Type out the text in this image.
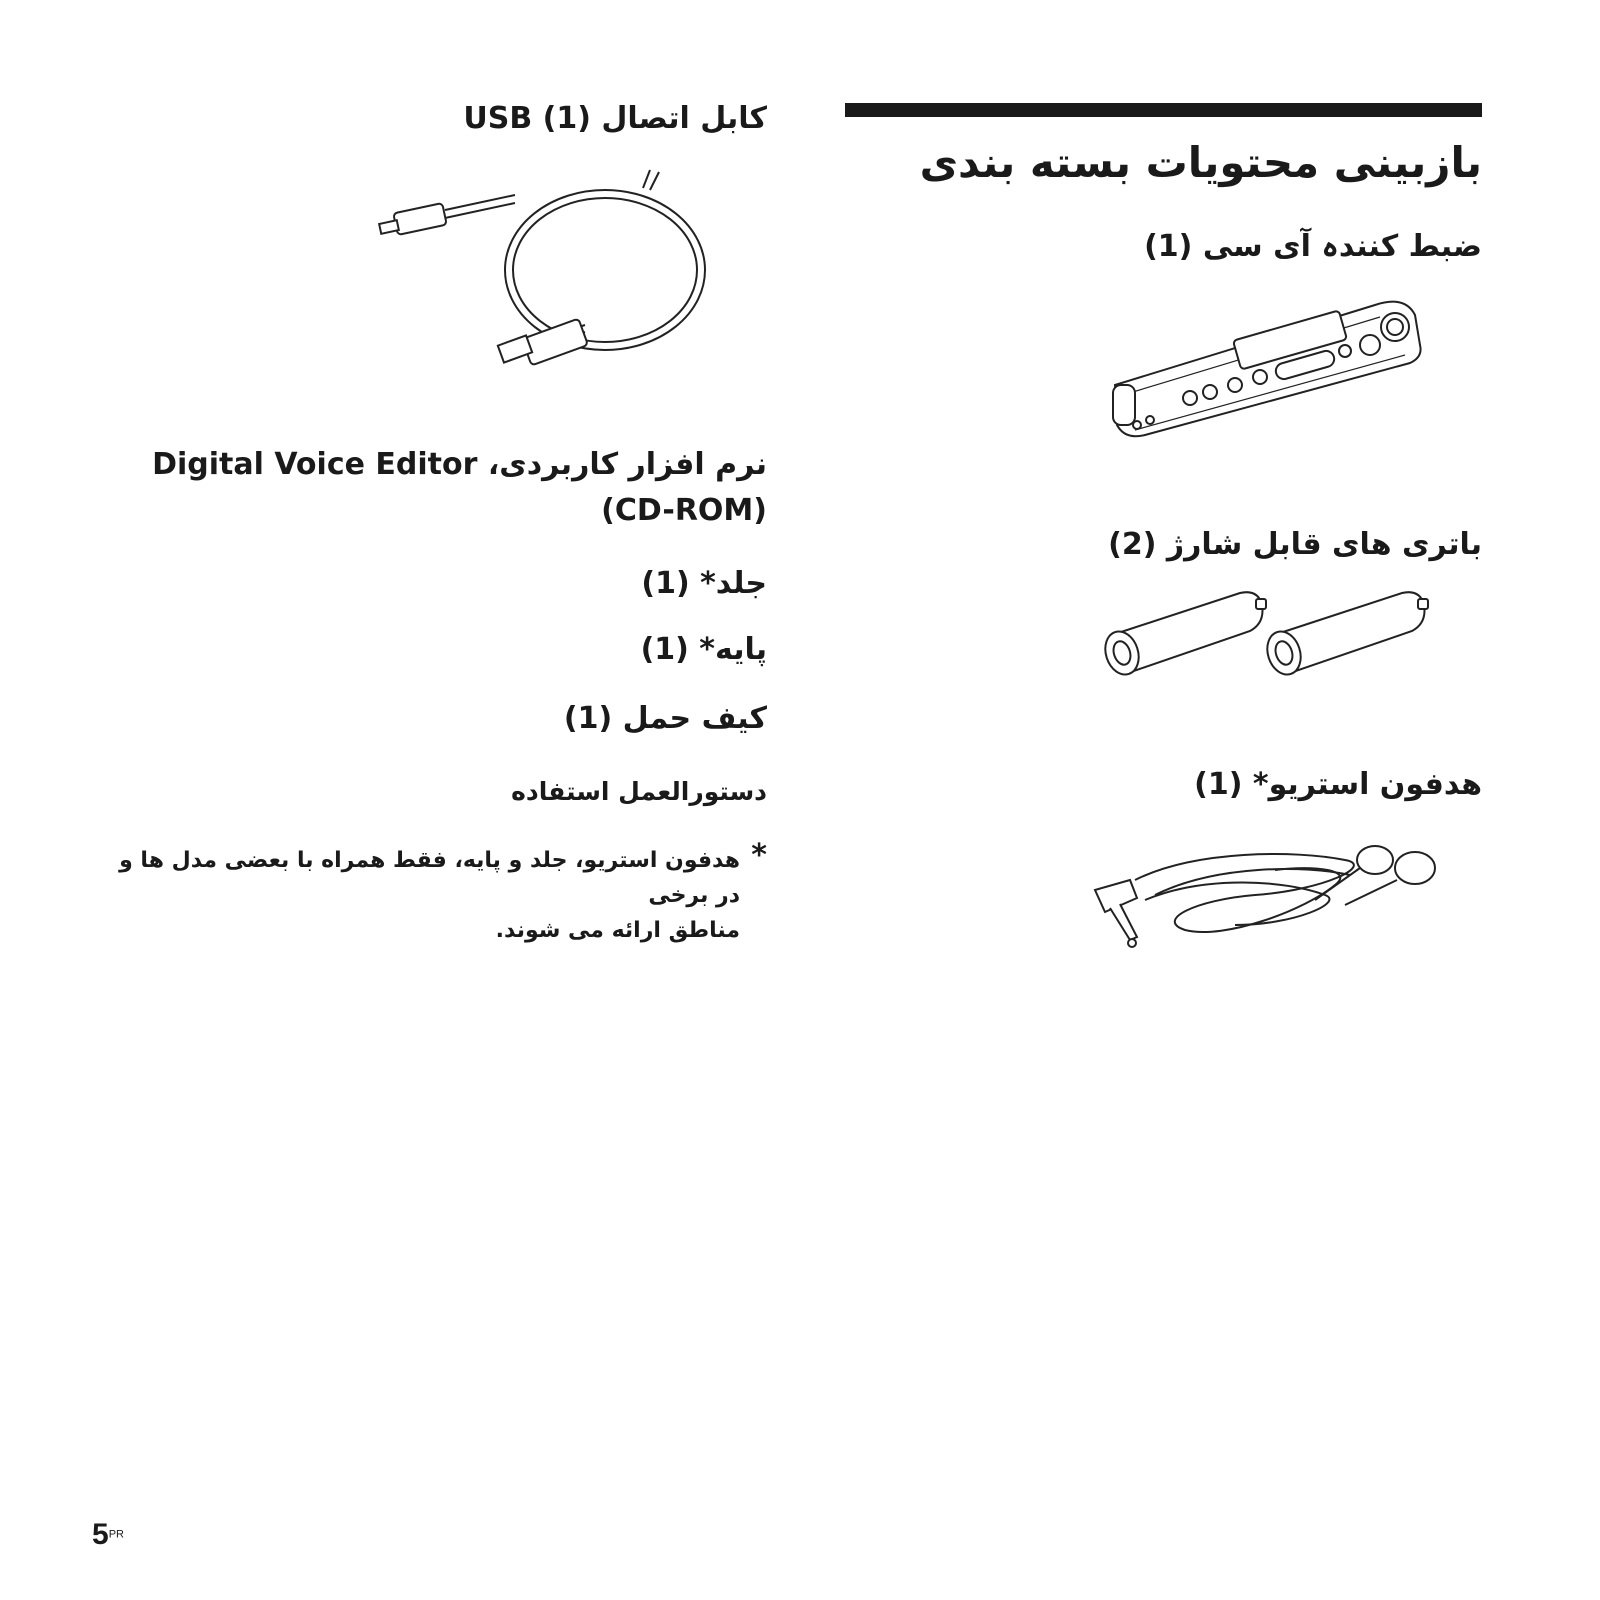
بازبینی محتویات بسته بندی
ضبط کنندہ آی سی (1)
باتری های قابل شارژ (2)
هدفون استریو* (1)
کابل اتصال USB (1)
نرم افزار کاربردی، Digital Voice Editor
(CD-ROM)
جلد* (1)
پایه* (1)
کیف حمل (1)
دستورالعمل استفاده
*
هدفون استریو، جلد و پایه، فقط همراه با بعضی مدل ها و در برخی
مناطق ارائه می شوند.
$5^{PR}$
